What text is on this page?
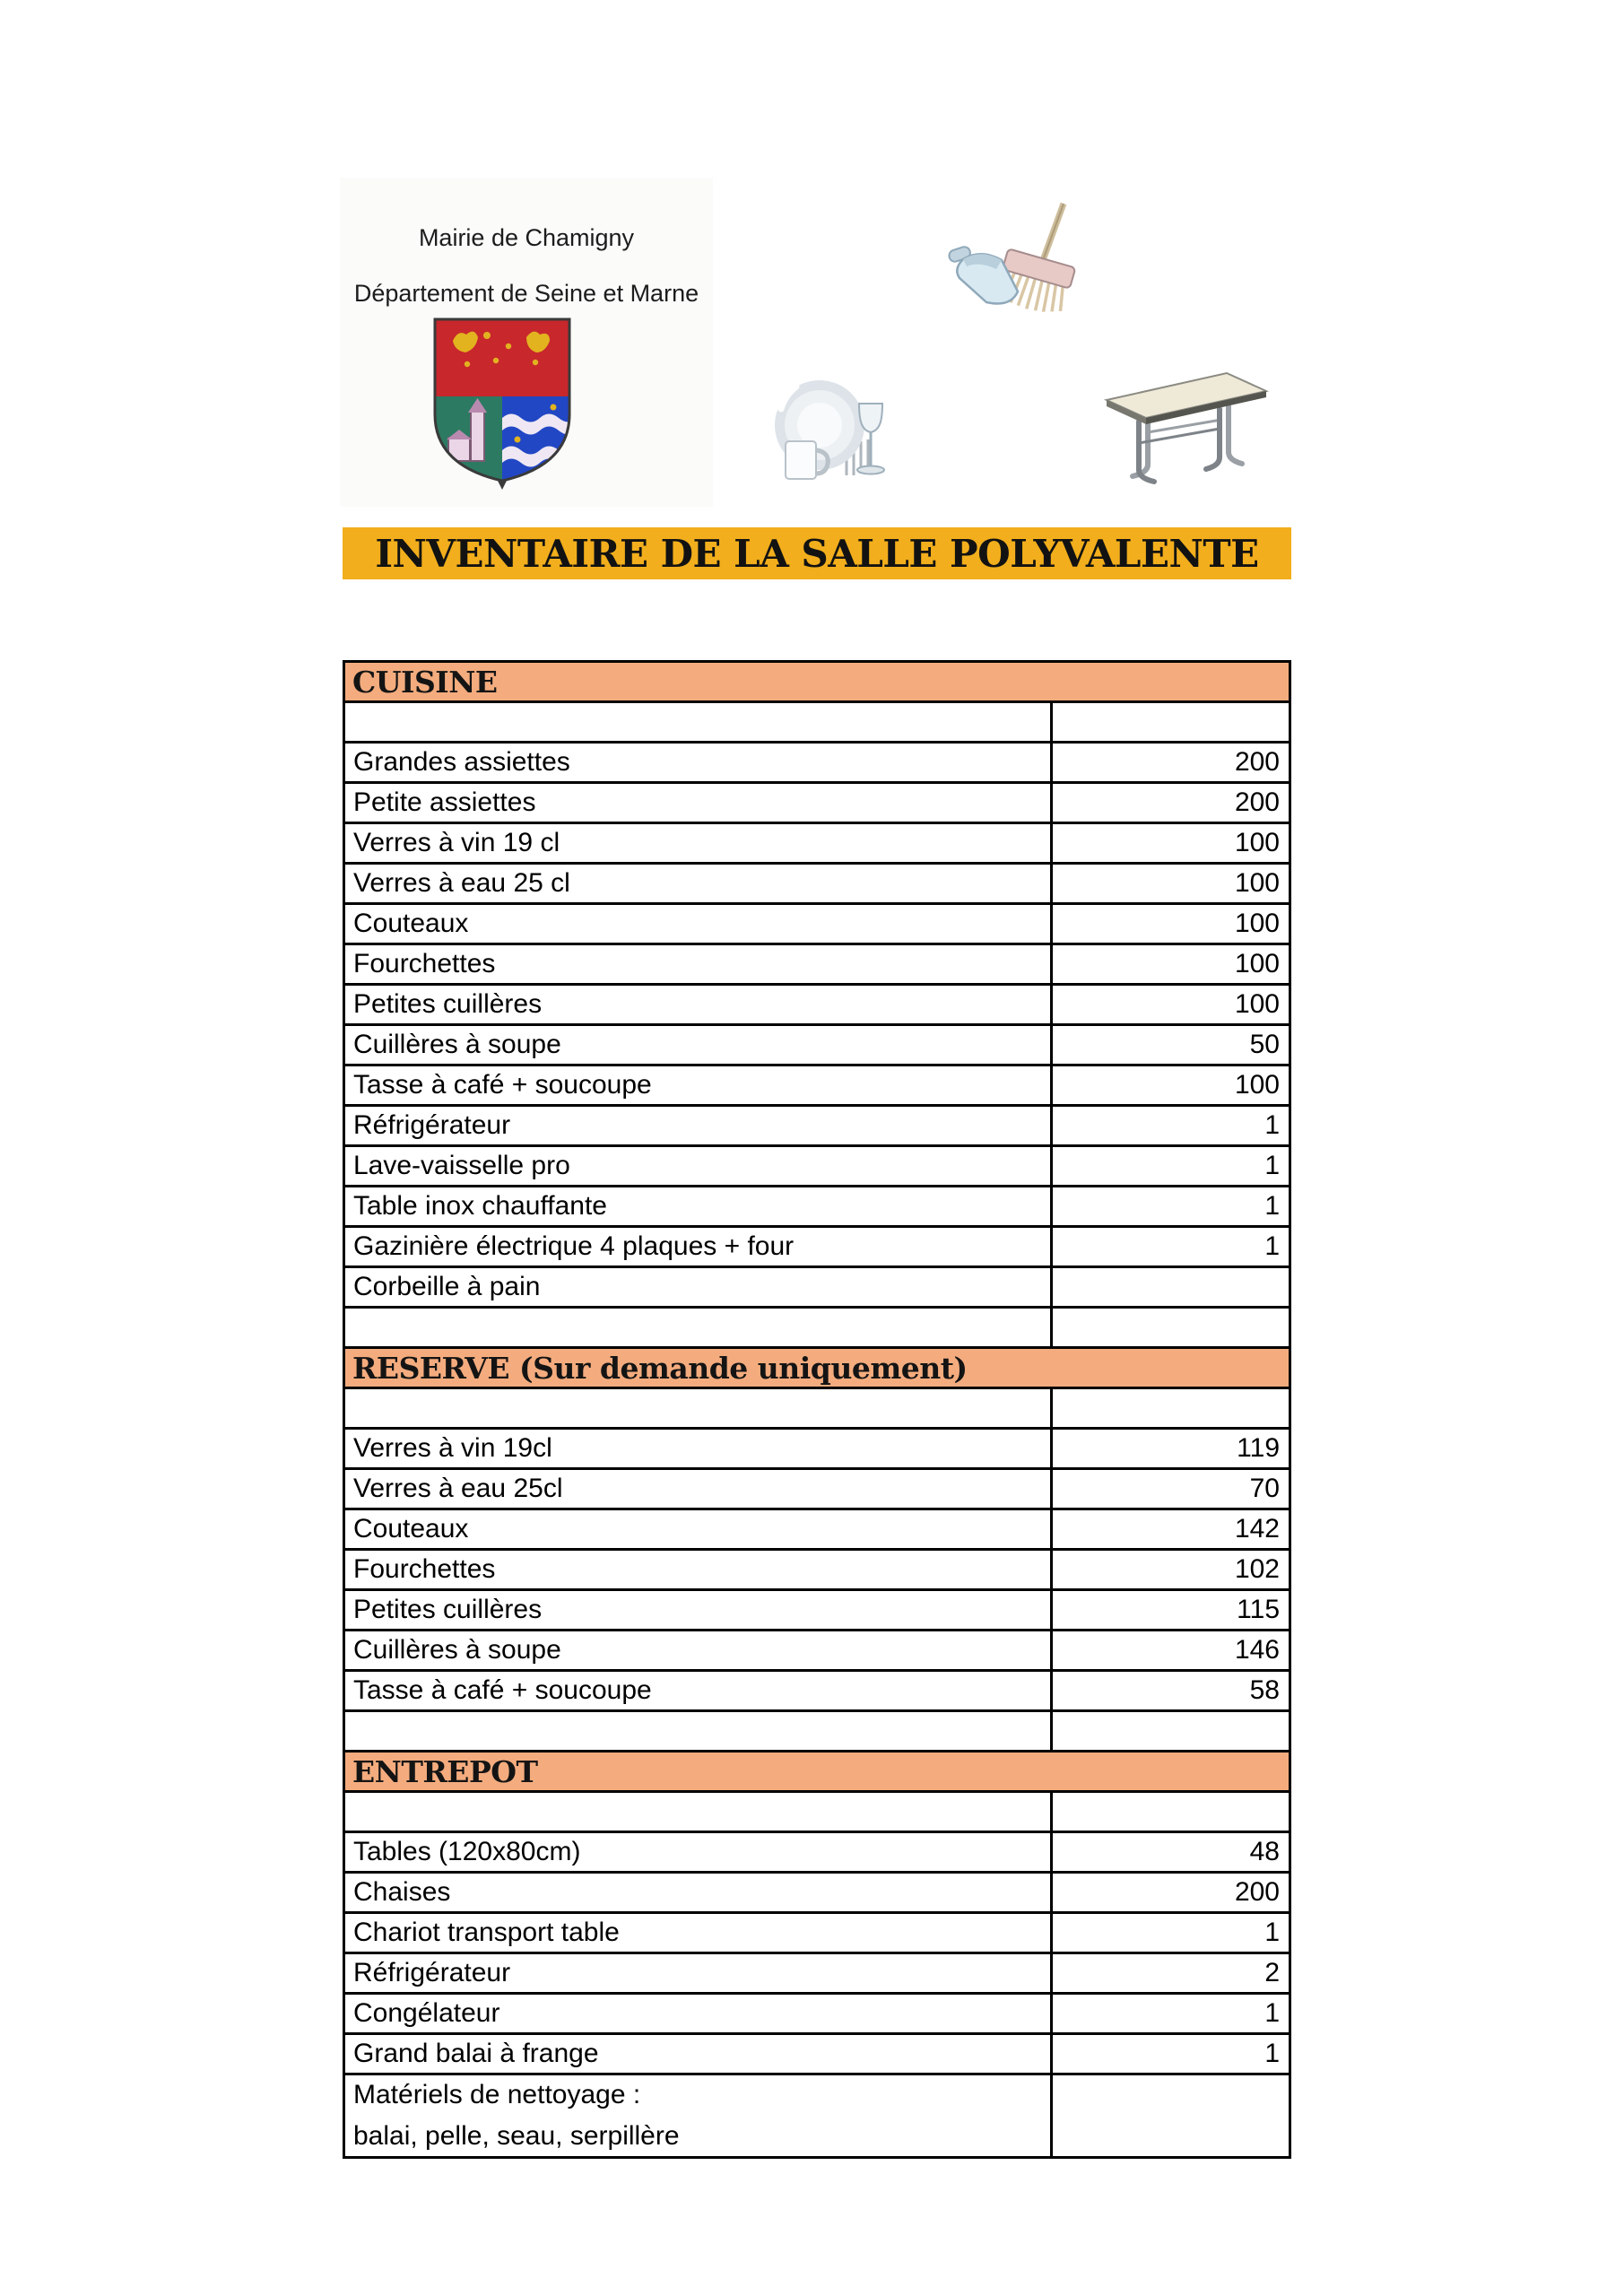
Mairie de Chamigny
Département de Seine et Marne
INVENTAIRE DE LA SALLE POLYVALENTE
CUISINE
Grandes assiettes	200
Petite assiettes	200
Verres à vin 19 cl	100
Verres à eau 25 cl	100
Couteaux	100
Fourchettes	100
Petites cuillères	100
Cuillères à soupe	50
Tasse à café + soucoupe	100
Réfrigérateur	1
Lave-vaisselle pro	1
Table inox chauffante	1
Gazinière électrique 4 plaques + four	1
Corbeille à pain
RESERVE (Sur demande uniquement)
Verres à vin 19cl	119
Verres à eau 25cl	70
Couteaux	142
Fourchettes	102
Petites cuillères	115
Cuillères à soupe	146
Tasse à café + soucoupe	58
ENTREPOT
Tables (120x80cm)	48
Chaises	200
Chariot transport table	1
Réfrigérateur	2
Congélateur	1
Grand balai à frange	1
Matériels de nettoyage :
balai, pelle, seau, serpillère
